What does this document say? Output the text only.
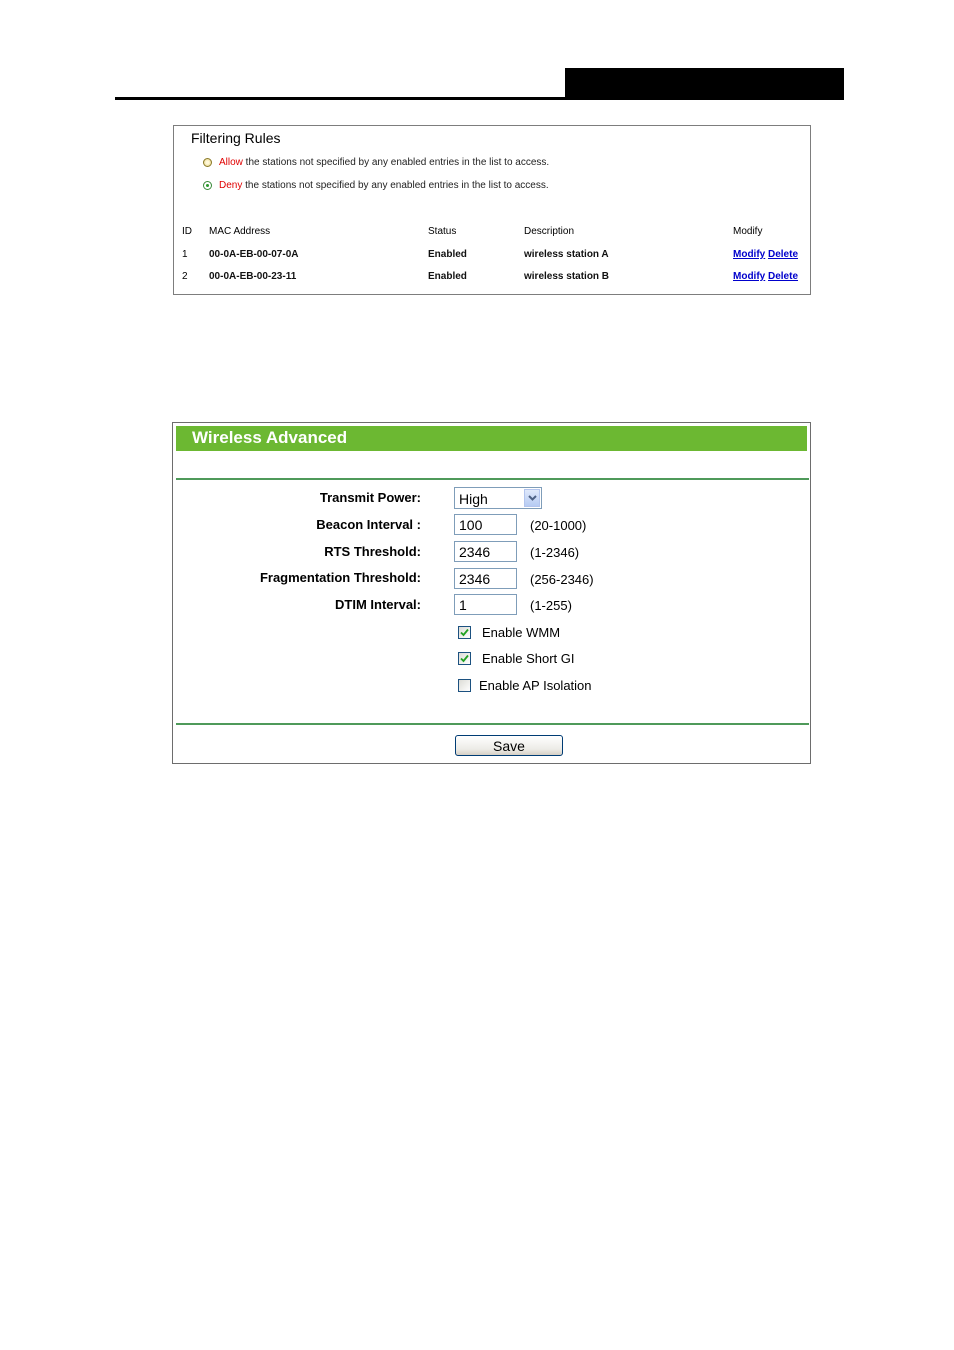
Filtering Rules
Allow the stations not specified by any enabled entries in the list to access.
Deny the stations not specified by any enabled entries in the list to access.
ID MAC Address	Status	Description	Modify
1 00-0A-EB-00-07-0A	Enabled	wireless station A	Modify Delete
2 00-0A-EB-00-23-11	Enabled	wireless station B	Modify Delete
Wireless Advanced
Transmit Power:	High
Beacon Interval :
100	(20-1000)
RTS Threshold:
2346	(1-2346)
Fragmentation Threshold:
2346	(256-2346)
DTIM Interval:
1	(1-255)
Enable WMM
Enable Short GI
Enable AP Isolation
Save
